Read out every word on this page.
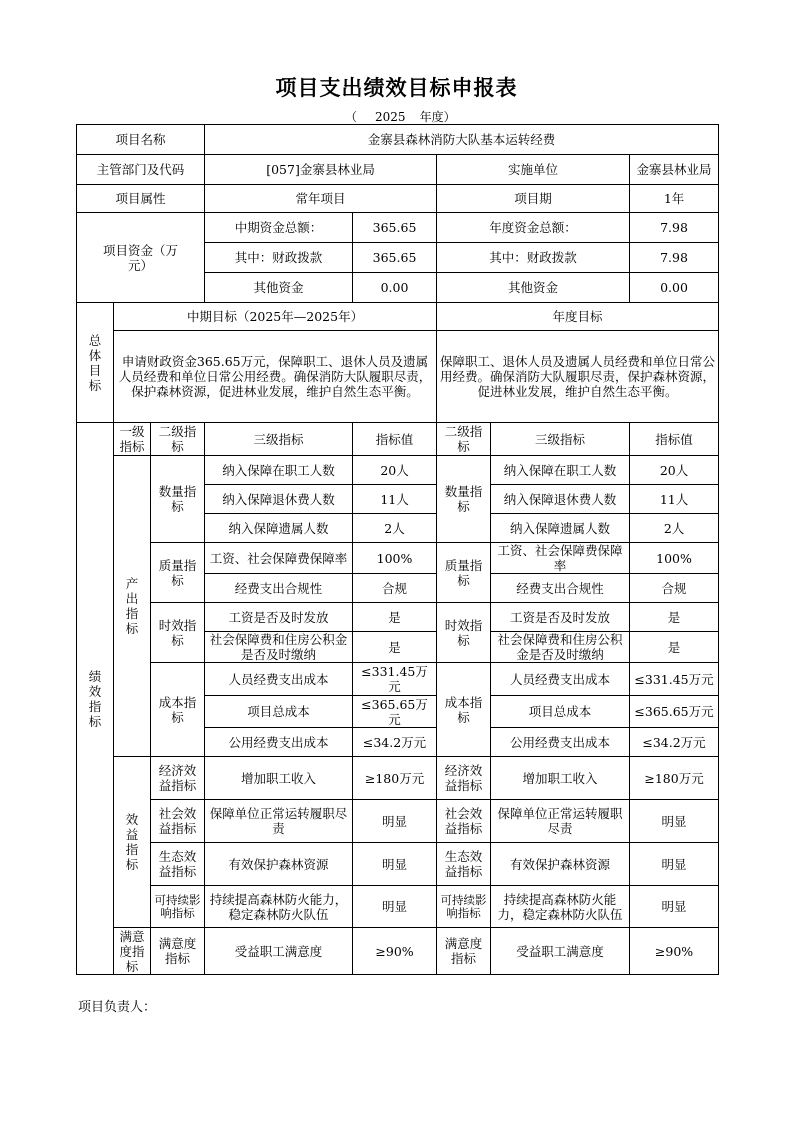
项目支出绩效目标申报表
（ 2025 年度）
项目名称			金寨县森林消防大队基本运转经费				
主管部门及代码			[057]金寨县林业局		实施单位		金寨县林业局
项目属性			常年项目		项目期		1年
项目资金（万元）			中期资金总额：	365.65	年度资金总额：		7.98
			其中：财政拨款	365.65	其中：财政拨款		7.98
			其他资金	0.00	其他资金		0.00
总体目标	中期目标（2025年—2025年）				年度目标		
	申请财政资金365.65万元，保障职工、退休人员及遗属人员经费和单位日常公用经费。确保消防大队履职尽责，保护森林资源，促进林业发展，维护自然生态平衡。				保障职工、退休人员及遗属人员经费和单位日常公用经费。确保消防大队履职尽责，保护森林资源，促进林业发展，维护自然生态平衡。		
绩效指标	一级指标	二级指标	三级指标	指标值	二级指标	三级指标	指标值
	产出指标	数量指标	纳入保障在职工人数	20人	数量指标	纳入保障在职工人数	20人
			纳入保障退休费人数	11人		纳入保障退休费人数	11人
			纳入保障遗属人数	2人		纳入保障遗属人数	2人
		质量指标	工资、社会保障费保障率	100%	质量指标	工资、社会保障费保障率	100%
			经费支出合规性	合规		经费支出合规性	合规
		时效指标	工资是否及时发放	是	时效指标	工资是否及时发放	是
			社会保障费和住房公积金是否及时缴纳	是		社会保障费和住房公积金是否及时缴纳	是
		成本指标	人员经费支出成本	≤331.45万元	成本指标	人员经费支出成本	≤331.45万元
			项目总成本	≤365.65万元		项目总成本	≤365.65万元
			公用经费支出成本	≤34.2万元		公用经费支出成本	≤34.2万元
	效益指标	经济效益指标	增加职工收入	≥180万元	经济效益指标	增加职工收入	≥180万元
		社会效益指标	保障单位正常运转履职尽责	明显	社会效益指标	保障单位正常运转履职尽责	明显
		生态效益指标	有效保护森林资源	明显	生态效益指标	有效保护森林资源	明显
		可持续影响指标	持续提高森林防火能力，稳定森林防火队伍	明显	可持续影响指标	持续提高森林防火能力，稳定森林防火队伍	明显
	满意度指标	满意度指标	受益职工满意度	≥90%	满意度指标	受益职工满意度	≥90%
项目负责人：
